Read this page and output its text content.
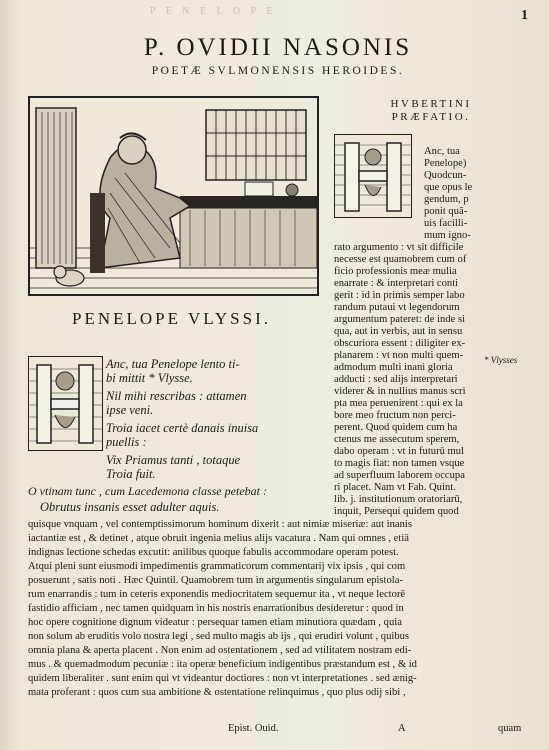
P E N E L O P E	1
P. OVIDII NASONIS
POETÆ SVLMONENSIS HEROIDES.
PENELOPE VLYSSI.
HVBERTINI
PRÆFATIO.
Anc, tua
Penelope)
Quodcun-
que opus le
gendum, p
ponit quã-
uis facilli-
mum igno-
rato argumento : vt sit difficile
necesse est quamobrem cum of
ficio professionis meæ mulia
enarrate : & interpretari conti
gerit : id in primis semper labo
randum putaui vt legendorum
argumentum pateret: de inde si
qua, aut in verbis, aut in sensu
obscuriora essent : diligiter ex-
planarem : vt non multi quem-
admodum multi inani gloria
adducti : sed alijs interpretari
viderer & in nullius manus scri
pta mea peruenirent : qui ex la
bore meo fructum non perci-
perent. Quod quidem cum ha
ctenus me assecutum sperem,
dabo operam : vt in futurū mul
to magis fiat: non tamen vsque
ad superfluum laborem occupa
ri placet. Nam vt Fab. Quint.
lib. j. institutionum oratoriarū,
inquit, Persequi quidem quod
* Vlysses
Anc, tua Penelope lento ti-
bi mittit * Vlysse.
Nil mihi rescribas : attamen
ipse veni.
Troia iacet certè danais inuisa
puellis :
Vix Priamus tanti , totaque
Troia fuit.
O vtinam tunc , cum Lacedemona classe petebat :
Obrutus insanis esset adulter aquis.
quisque vnquam , vel contemptissimorum hominum dixerit : aut nimiæ miseriæ: aut inanis
iactantiæ est , & detinet , atque obruit ingenia melius alijs vacatura . Nam qui omnes , etiā
indignas lectione schedas excutit: anilibus quoque fabulis accommodare operam potest.
Atqui pleni sunt eiusmodi impedimentis grammaticorum commentarij vix ipsis , qui com
posuerunt , satis noti . Hæc Quintil. Quamobrem tum in argumentis singularum epistola-
rum enarrandis : tum in ceteris exponendis mediocritatem sequemur ita , vt neque lectorē
fastidio afficiam , nec tamen quidquam in his nostris enarrationibus desideretur : quod in
hoc opere cognitione dignum videatur : persequar tamen etiam minutiora quædam , quia
non solum ab eruditis volo nostra legi , sed multo magis ab ijs , qui erudiri volunt , quibus
omnia plana & aperta placent . Non enim ad ostentationem , sed ad vtilitatem nostram edi-
mus . & quemadmodum pecuniæ : ita operæ beneficium indigentibus præstandum est , & id
quidem liberaliter . sunt enim qui vt videantur doctiores : non vt interpretationes . sed ænig-
mata proferant : quos cum sua ambitione & ostentatione relinquimus , quo plus odij sibi ,
Epist. Ouid.	A	quam
